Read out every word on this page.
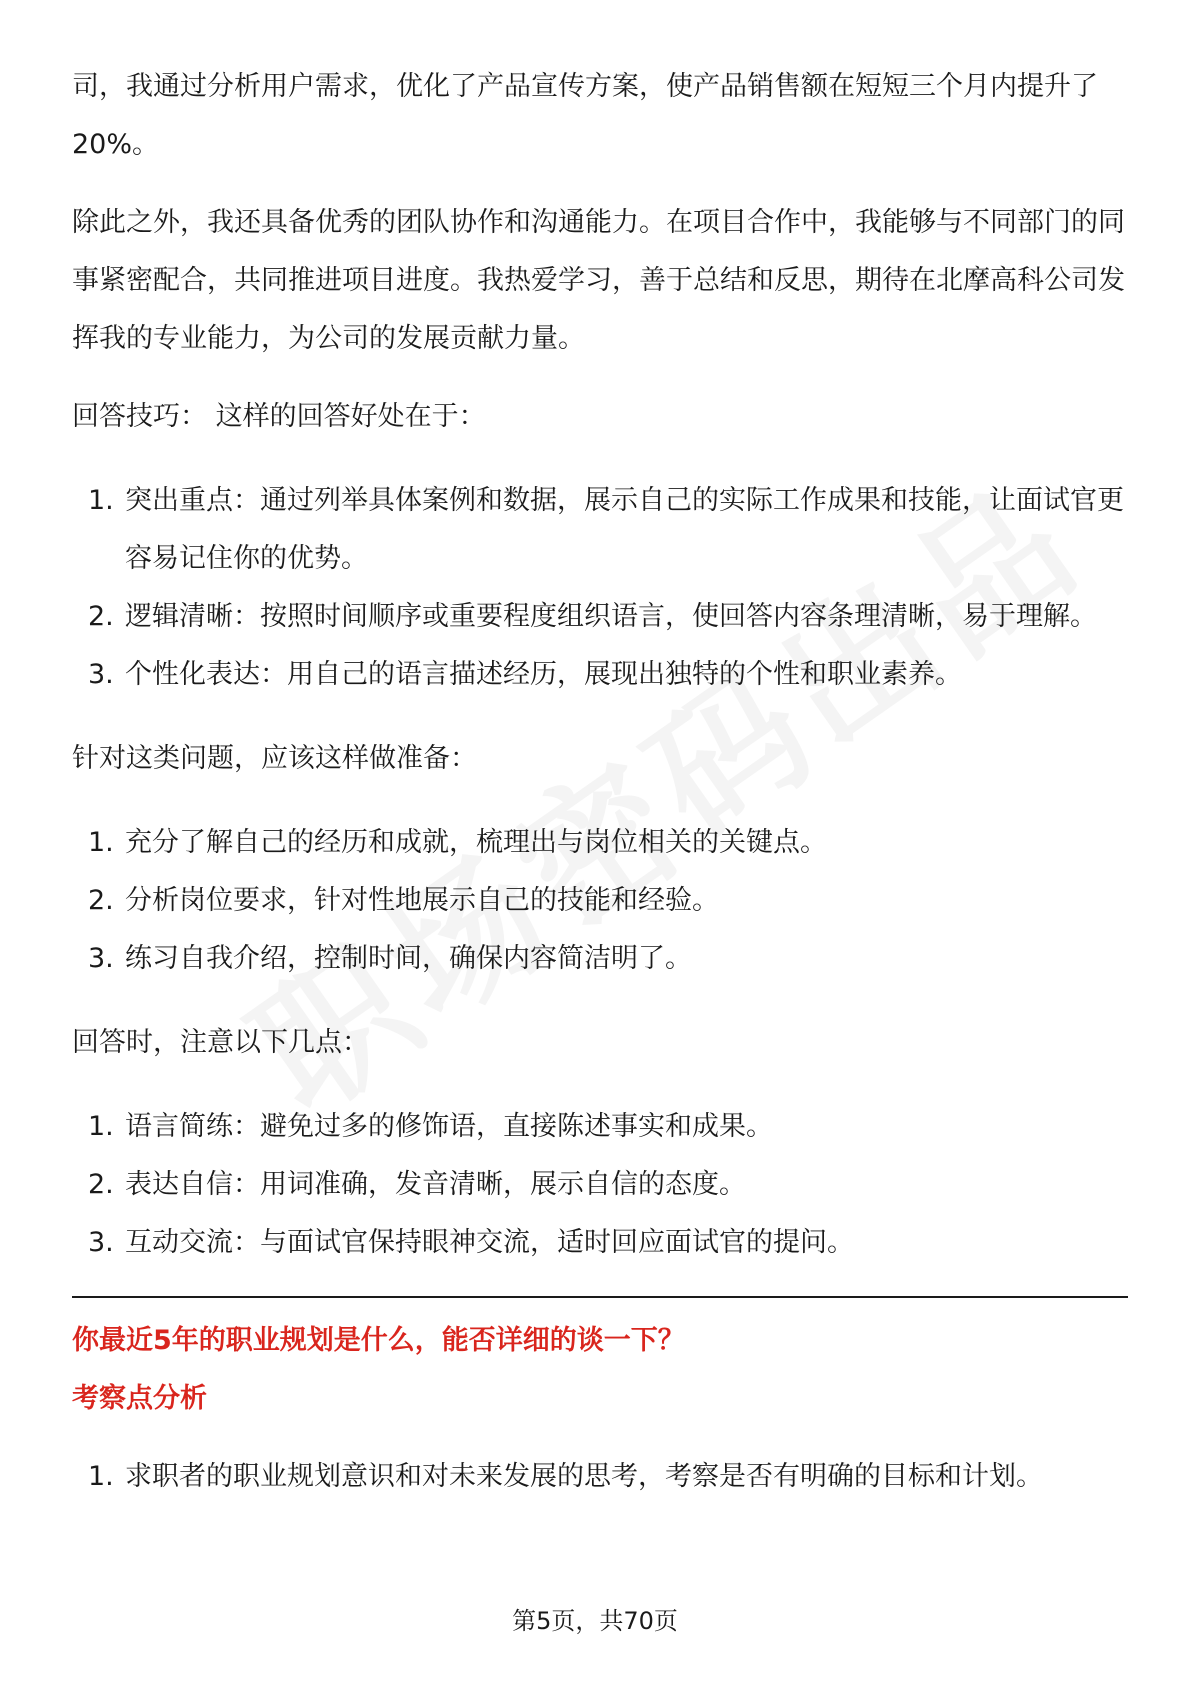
司，我通过分析用户需求，优化了产品宣传方案，使产品销售额在短短三个月内提升了20%。

除此之外，我还具备优秀的团队协作和沟通能力。在项目合作中，我能够与不同部门的同事紧密配合，共同推进项目进度。我热爱学习，善于总结和反思，期待在北摩高科公司发挥我的专业能力，为公司的发展贡献力量。

回答技巧： 这样的回答好处在于：

1. 突出重点：通过列举具体案例和数据，展示自己的实际工作成果和技能，让面试官更容易记住你的优势。
2. 逻辑清晰：按照时间顺序或重要程度组织语言，使回答内容条理清晰，易于理解。
3. 个性化表达：用自己的语言描述经历，展现出独特的个性和职业素养。

针对这类问题，应该这样做准备：

1. 充分了解自己的经历和成就，梳理出与岗位相关的关键点。
2. 分析岗位要求，针对性地展示自己的技能和经验。
3. 练习自我介绍，控制时间，确保内容简洁明了。

回答时，注意以下几点：

1. 语言简练：避免过多的修饰语，直接陈述事实和成果。
2. 表达自信：用词准确，发音清晰，展示自信的态度。
3. 互动交流：与面试官保持眼神交流，适时回应面试官的提问。

你最近5年的职业规划是什么，能否详细的谈一下？

考察点分析

1. 求职者的职业规划意识和对未来发展的思考，考察是否有明确的目标和计划。
第5页，共70页
